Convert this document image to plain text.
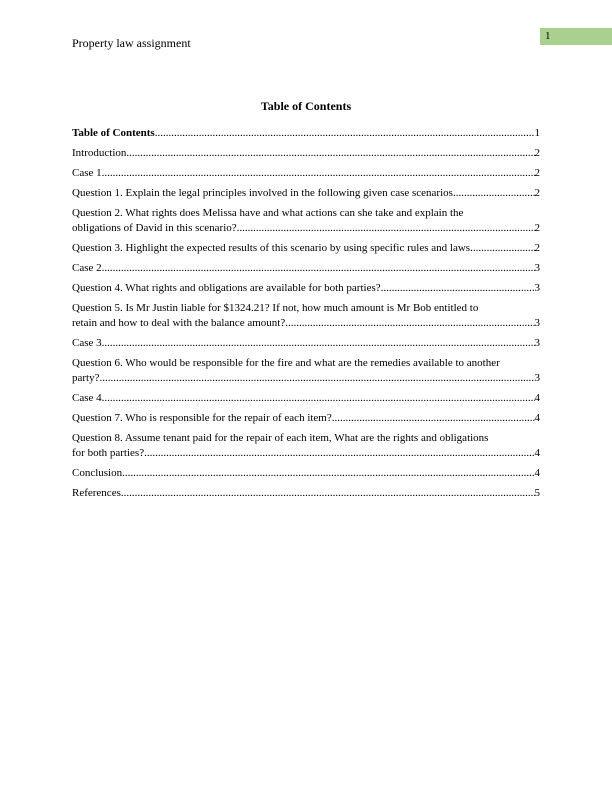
Property law assignment	1
Table of Contents
Table of Contents .....	1
Introduction .....	2
Case 1 .....	2
Question 1. Explain the legal principles involved in the following given case scenarios .....	2
Question 2. What rights does Melissa have and what actions can she take and explain the
obligations of David in this scenario? .....	2
Question 3. Highlight the expected results of this scenario by using specific rules and laws .....	2
Case 2 .....	3
Question 4. What rights and obligations are available for both parties? .....	3
Question 5. Is Mr Justin liable for $1324.21? If not, how much amount is Mr Bob entitled to
retain and how to deal with the balance amount? .....	3
Case 3 .....	3
Question 6. Who would be responsible for the fire and what are the remedies available to another
party? .....	3
Case 4 .....	4
Question 7. Who is responsible for the repair of each item? .....	4
Question 8. Assume tenant paid for the repair of each item, What are the rights and obligations
for both parties? .....	4
Conclusion .....	4
References .....	5
